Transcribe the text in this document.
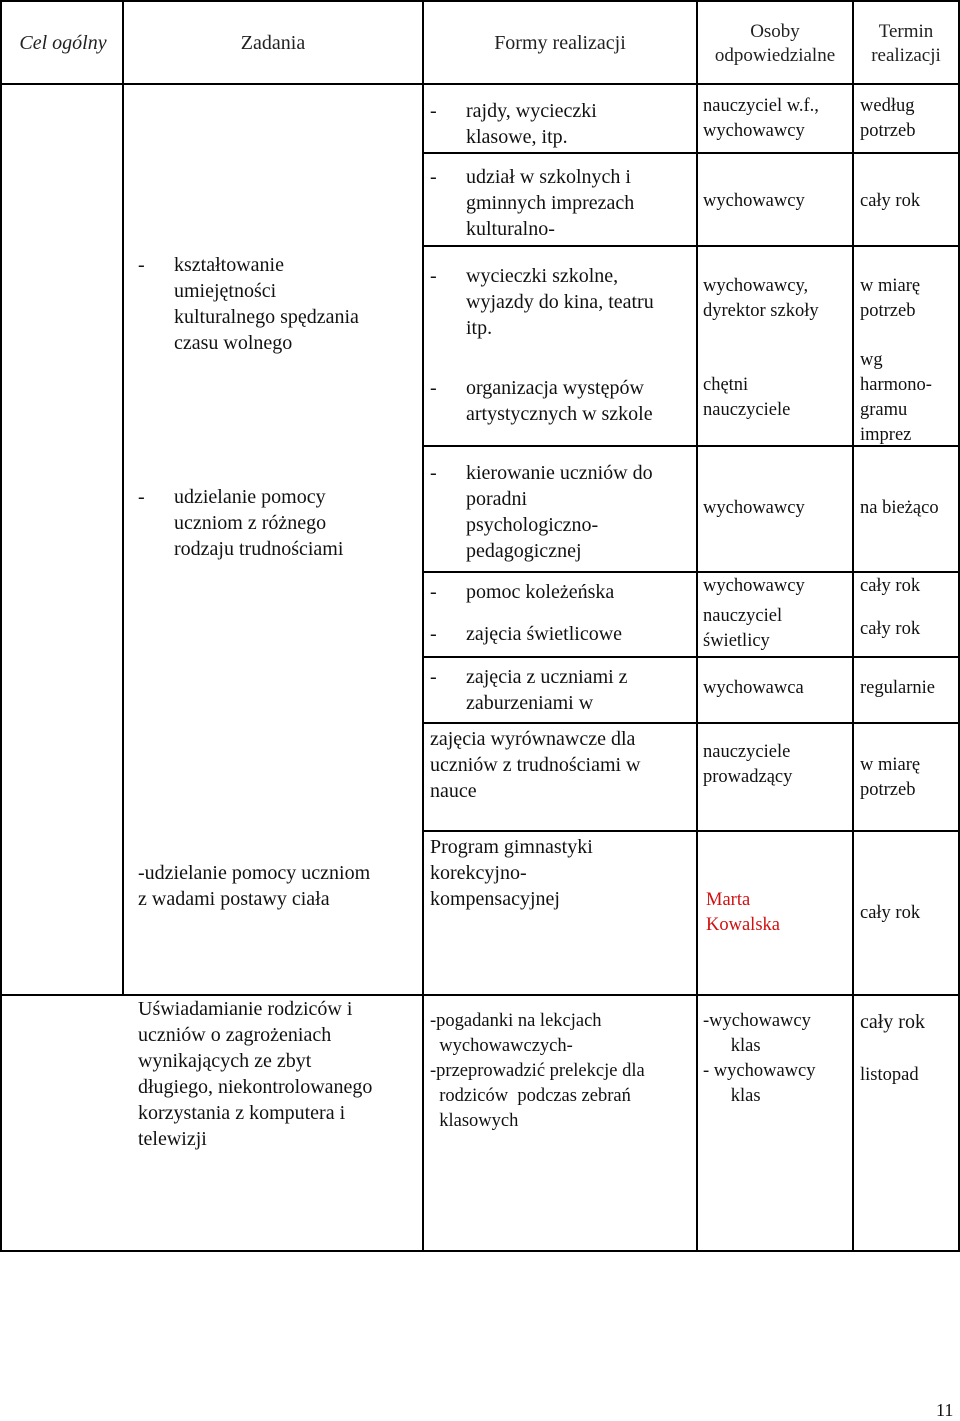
Cel ogólny	Zadania	Formy realizacji
Osoby
odpowiedzialne
Termin
realizacji
- kształtowanie
umiejętności
kulturalnego spędzania
czasu wolnego
- udzielanie pomocy
uczniom z różnego
rodzaju trudnościami
-udzielanie pomocy uczniom
z wadami postawy ciała
Uświadamianie rodziców i
uczniów o zagrożeniach
wynikających ze zbyt
długiego, niekontrolowanego
korzystania z komputera i
telewizji
- rajdy, wycieczki
klasowe, itp.
- udział w szkolnych i
gminnych imprezach
kulturalno-
- wycieczki szkolne,
wyjazdy do kina, teatru
itp.
- organizacja występów
artystycznych w szkole
- kierowanie uczniów do
poradni
psychologiczno-
pedagogicznej
- pomoc koleżeńska
- zajęcia świetlicowe
- zajęcia z uczniami z
zaburzeniami w
zajęcia wyrównawcze dla
uczniów z trudnościami w
nauce
Program gimnastyki
korekcyjno-
kompensacyjnej
-pogadanki na lekcjach
wychowawczych-
-przeprowadzić prelekcje dla
rodziców  podczas zebrań
klasowych
nauczyciel w.f.,
wychowawcy
wychowawcy
wychowawcy,
dyrektor szkoły
chętni
nauczyciele
wychowawcy
wychowawcy
nauczyciel
świetlicy
wychowawca
nauczyciele
prowadzący
Marta
Kowalska
-wychowawcy
klas
- wychowawcy
klas
według
potrzeb
cały rok
w miarę
potrzeb
wg
harmono-
gramu
imprez
na bieżąco
cały rok
cały rok
regularnie
w miarę
potrzeb
cały rok
cały rok
listopad
11
